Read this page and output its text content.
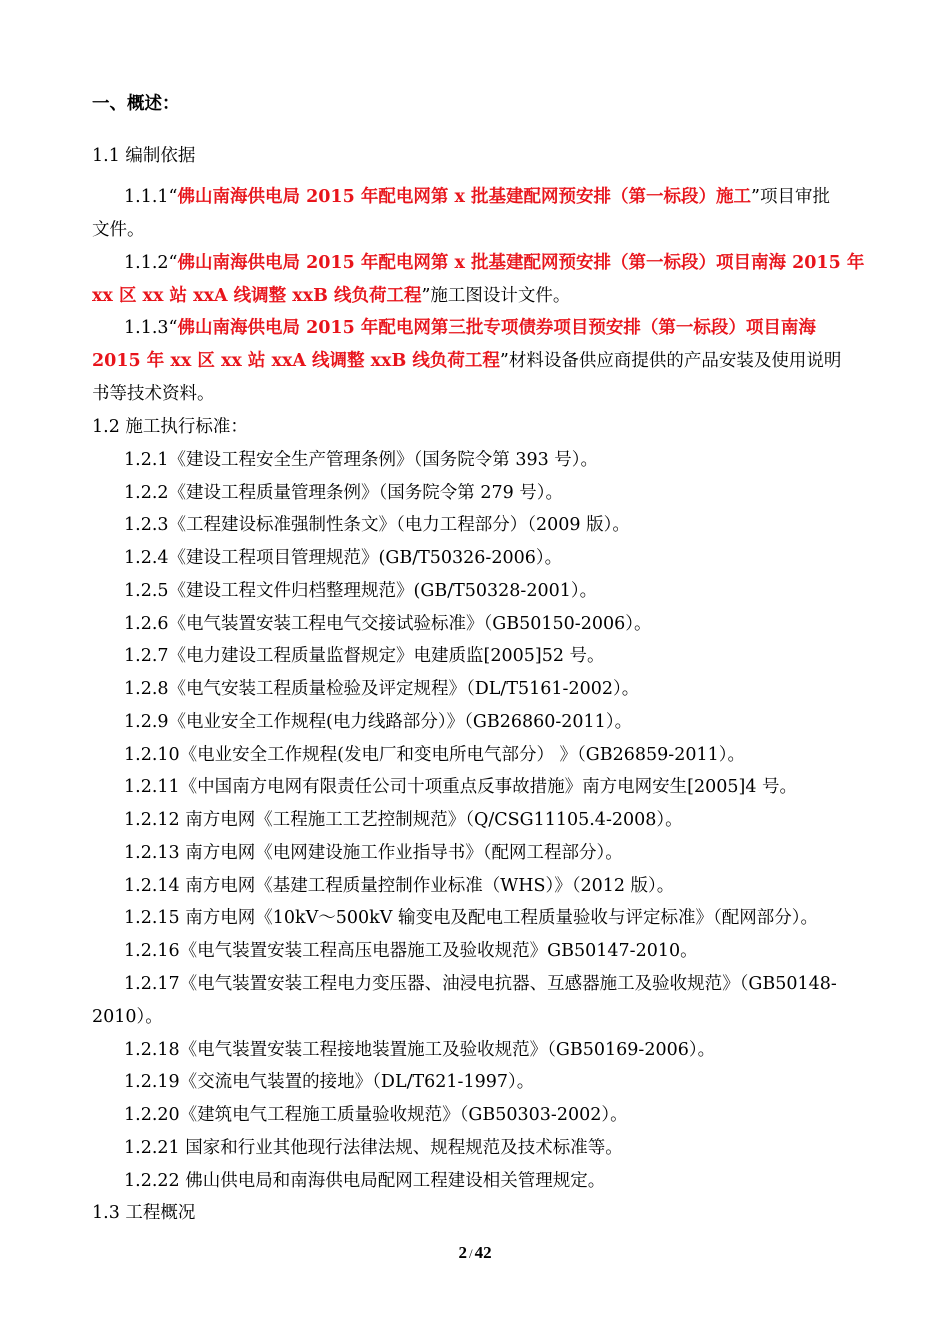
一、概述：
1.1 编制依据
1.1.1“佛山南海供电局 2015 年配电网第 x 批基建配网预安排（第一标段）施工”项目审批
文件。
1.1.2“佛山南海供电局 2015 年配电网第 x 批基建配网预安排（第一标段）项目南海 2015 年
xx 区 xx 站 xxA 线调整 xxB 线负荷工程”施工图设计文件。
1.1.3“佛山南海供电局 2015 年配电网第三批专项债券项目预安排（第一标段）项目南海
2015 年 xx 区 xx 站 xxA 线调整 xxB 线负荷工程”材料设备供应商提供的产品安装及使用说明
书等技术资料。
1.2 施工执行标准：
1.2.1《建设工程安全生产管理条例》（国务院令第 393 号）。
1.2.2《建设工程质量管理条例》（国务院令第 279 号）。
1.2.3《工程建设标准强制性条文》（电力工程部分）（2009 版）。
1.2.4《建设工程项目管理规范》(GB/T50326-2006）。
1.2.5《建设工程文件归档整理规范》(GB/T50328-2001）。
1.2.6《电气装置安装工程电气交接试验标准》（GB50150-2006）。
1.2.7《电力建设工程质量监督规定》电建质监[2005]52 号。
1.2.8《电气安装工程质量检验及评定规程》（DL/T5161-2002）。
1.2.9《电业安全工作规程(电力线路部分）》（GB26860-2011）。
1.2.10《电业安全工作规程(发电厂和变电所电气部分） 》（GB26859-2011）。
1.2.11《中国南方电网有限责任公司十项重点反事故措施》南方电网安生[2005]4 号。
1.2.12 南方电网《工程施工工艺控制规范》（Q/CSG11105.4-2008）。
1.2.13 南方电网《电网建设施工作业指导书》（配网工程部分）。
1.2.14 南方电网《基建工程质量控制作业标准（WHS）》（2012 版）。
1.2.15 南方电网《10kV～500kV 输变电及配电工程质量验收与评定标准》（配网部分）。
1.2.16《电气装置安装工程高压电器施工及验收规范》GB50147-2010。
1.2.17《电气装置安装工程电力变压器、油浸电抗器、互感器施工及验收规范》（GB50148-
2010）。
1.2.18《电气装置安装工程接地装置施工及验收规范》（GB50169-2006）。
1.2.19《交流电气装置的接地》（DL/T621-1997）。
1.2.20《建筑电气工程施工质量验收规范》（GB50303-2002）。
1.2.21 国家和行业其他现行法律法规、规程规范及技术标准等。
1.2.22 佛山供电局和南海供电局配网工程建设相关管理规定。
1.3 工程概况
2 / 42
